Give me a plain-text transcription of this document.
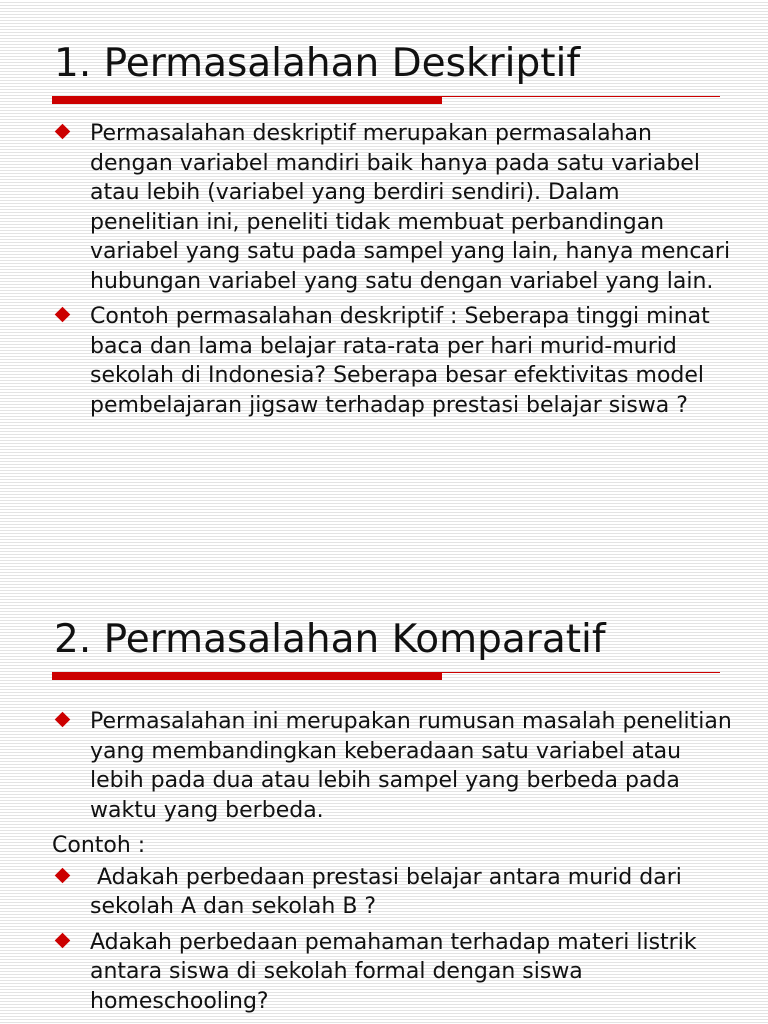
1. Permasalahan Deskriptif
Permasalahan deskriptif merupakan permasalahan dengan variabel mandiri baik hanya pada satu variabel atau lebih (variabel yang berdiri sendiri). Dalam penelitian ini, peneliti tidak membuat perbandingan variabel yang satu pada sampel yang lain, hanya mencari hubungan variabel yang satu dengan variabel yang lain.
Contoh permasalahan deskriptif : Seberapa tinggi minat baca dan lama belajar rata-rata per hari murid-murid sekolah di Indonesia? Seberapa besar efektivitas model pembelajaran jigsaw terhadap prestasi belajar siswa ?
2. Permasalahan Komparatif
Permasalahan ini merupakan rumusan masalah penelitian yang membandingkan keberadaan satu variabel atau lebih pada dua atau lebih sampel yang berbeda pada waktu yang berbeda.
Contoh :
Adakah perbedaan prestasi belajar antara murid dari sekolah A dan sekolah B ?
Adakah perbedaan pemahaman terhadap materi listrik antara siswa di sekolah formal dengan siswa homeschooling?
